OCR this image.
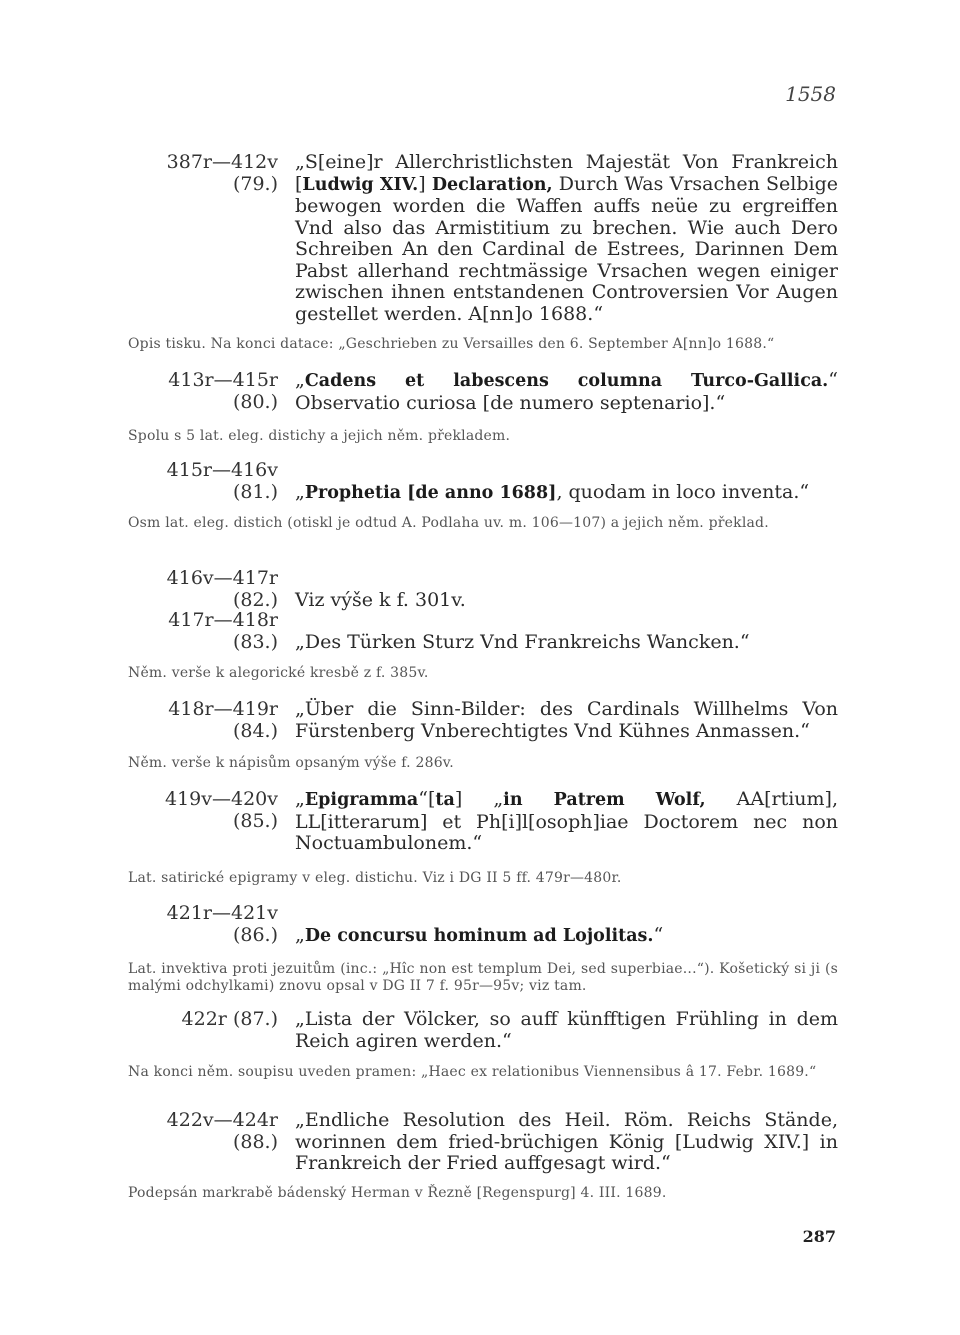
1558
387r—412v
(79.)
„S[eine]r Allerchristlichsten Majestät Von Frankreich [Ludwig XIV.] Declaration, Durch Was Vrsachen Selbige bewogen worden die Waffen auffs neüe zu ergreiffen Vnd also das Armistitium zu brechen. Wie auch Dero Schreiben An den Cardinal de Estrees, Darinnen Dem Pabst allerhand rechtmässige Vrsachen wegen einiger zwischen ihnen entstandenen Controversien Vor Augen gestellet werden. A[nn]o 1688.“
Opis tisku. Na konci datace: „Geschrieben zu Versailles den 6. September A[nn]o 1688.“
413r—415r
(80.)
„Cadens et labescens columna Turco-Gallica.“ Observatio curiosa [de numero septenario].“
Spolu s 5 lat. eleg. distichy a jejich něm. překladem.
415r—416v
(81.) „Prophetia [de anno 1688], quodam in loco inventa.“
Osm lat. eleg. distich (otiskl je odtud A. Podlaha uv. m. 106—107) a jejich něm. překlad.
416v—417r
(82.) Viz výše k f. 301v.
417r—418r
(83.) „Des Türken Sturz Vnd Frankreichs Wancken.“
Něm. verše k alegorické kresbě z f. 385v.
418r—419r
(84.)
„Über die Sinn-Bilder: des Cardinals Willhelms Von Fürstenberg Vnberechtigtes Vnd Kühnes Anmassen.“
Něm. verše k nápisům opsaným výše f. 286v.
419v—420v
(85.)
„Epigramma“[ta] „in Patrem Wolf, AA[rtium], LL[itterarum] et Ph[i]l[osoph]iae Doctorem nec non Noctuambulonem.“
Lat. satirické epigramy v eleg. distichu. Viz i DG II 5 ff. 479r—480r.
421r—421v
(86.) „De concursu hominum ad Lojolitas.“
Lat. invektiva proti jezuitům (inc.: „Hîc non est templum Dei, sed superbiae...“). Košetický si ji (s malými odchylkami) znovu opsal v DG II 7 f. 95r—95v; viz tam.
422r (87.) „Lista der Völcker, so auff künfftigen Frühling in dem Reich agiren werden.“
Na konci něm. soupisu uveden pramen: „Haec ex relationibus Viennensibus â 17. Febr. 1689.“
422v—424r
(88.)
„Endliche Resolution des Heil. Röm. Reichs Stände, worinnen dem fried-brüchigen König [Ludwig XIV.] in Frankreich der Fried auffgesagt wird.“
Podepsán markrabě bádenský Herman v Řezně [Regenspurg] 4. III. 1689.
287
